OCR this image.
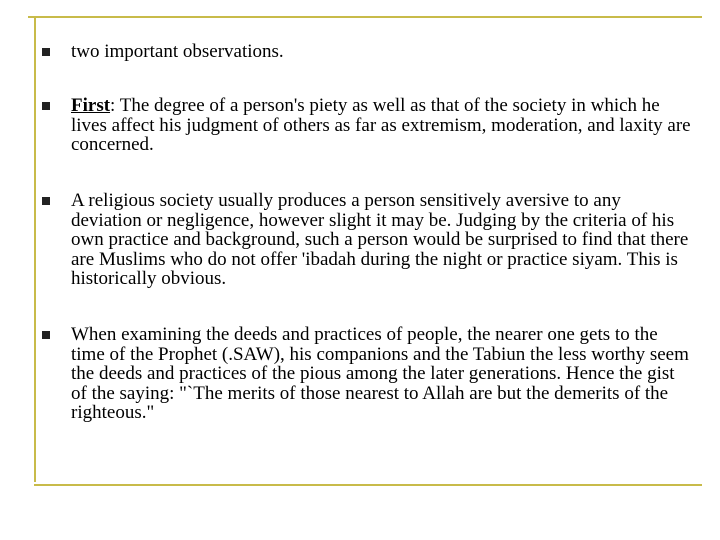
two important observations.
First: The degree of a person's piety as well as that of the society in which he lives affect his judgment of others as far as extremism, moderation, and laxity are concerned.
A religious society usually produces a person sensitively aversive to any deviation or negligence, however slight it may be. Judging by the criteria of his own practice and background, such a person would be surprised to find that there are Muslims who do not offer 'ibadah during the night or practice siyam. This is historically obvious.
When examining the deeds and practices of people, the nearer one gets to the time of the Prophet (.SAW), his companions and the Tabiun the less worthy seem the deeds and practices of the pious among the later generations. Hence the gist of the saying: "`The merits of those nearest to Allah are but the demerits of the righteous."
